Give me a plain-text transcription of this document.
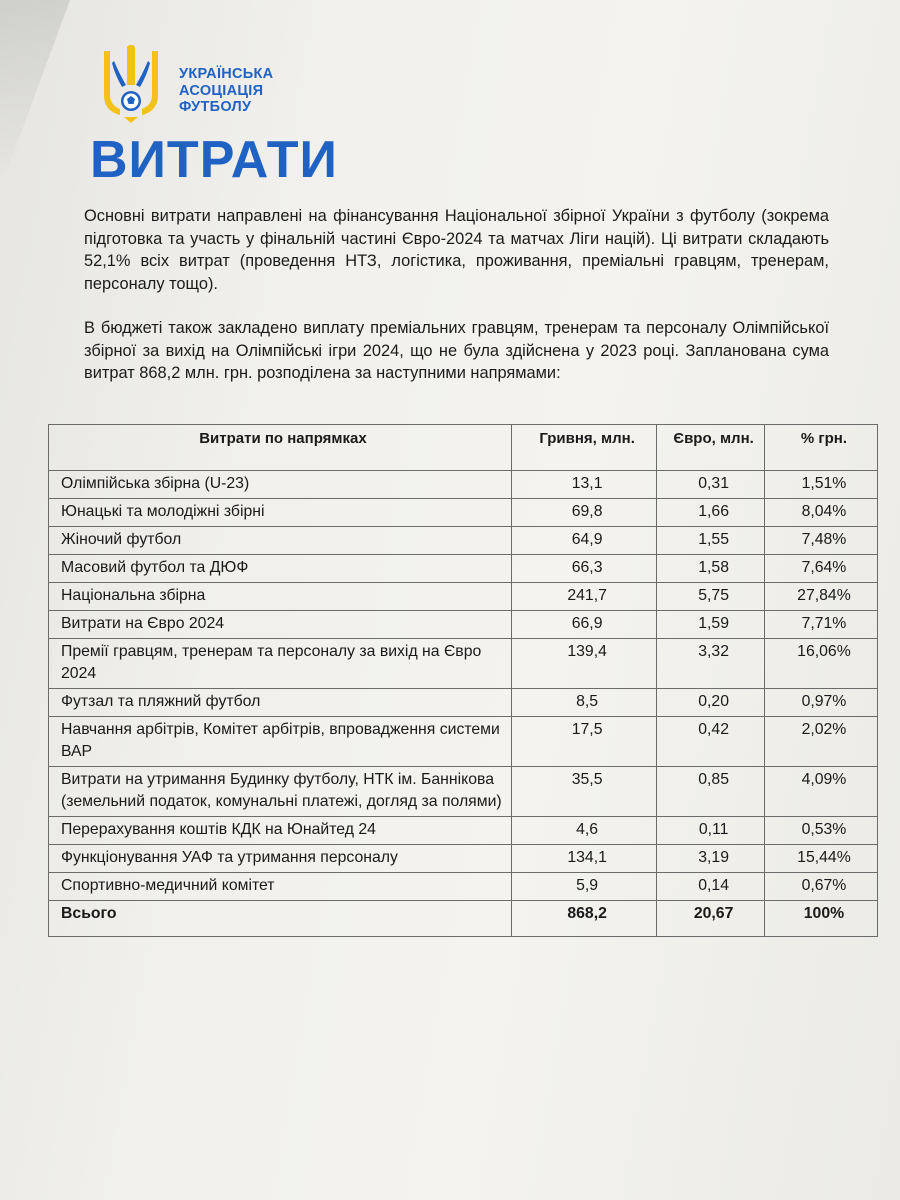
УКРАЇНСЬКА
АСОЦІАЦІЯ
ФУТБОЛУ
ВИТРАТИ

Основні витрати направлені на фінансування Національної збірної України з футболу (зокрема підготовка та участь у фінальній частині Євро-2024 та матчах Ліги націй). Ці витрати складають 52,1% всіх витрат (проведення НТЗ, логістика, проживання, преміальні гравцям, тренерам, персоналу тощо).

В бюджеті також закладено виплату преміальних гравцям, тренерам та персоналу Олімпійської збірної за вихід на Олімпійські ігри 2024, що не була здійснена у 2023 році. Запланована сума витрат 868,2 млн. грн. розподілена за наступними напрямами:

Витрати по напрямках	Гривня, млн.	Євро, млн.	% грн.
Олімпійська збірна (U-23)	13,1	0,31	1,51%
Юнацькі та молодіжні збірні	69,8	1,66	8,04%
Жіночий футбол	64,9	1,55	7,48%
Масовий футбол та ДЮФ	66,3	1,58	7,64%
Національна збірна	241,7	5,75	27,84%
Витрати на Євро 2024	66,9	1,59	7,71%
Премії гравцям, тренерам та персоналу за вихід на Євро 2024	139,4	3,32	16,06%
Футзал та пляжний футбол	8,5	0,20	0,97%
Навчання арбітрів, Комітет арбітрів, впровадження системи ВАР	17,5	0,42	2,02%
Витрати на утримання Будинку футболу, НТК ім. Баннікова (земельний податок, комунальні платежі, догляд за полями)	35,5	0,85	4,09%
Перерахування коштів КДК на Юнайтед 24	4,6	0,11	0,53%
Функціонування УАФ та утримання персоналу	134,1	3,19	15,44%
Спортивно-медичний комітет	5,9	0,14	0,67%
Всього	868,2	20,67	100%
